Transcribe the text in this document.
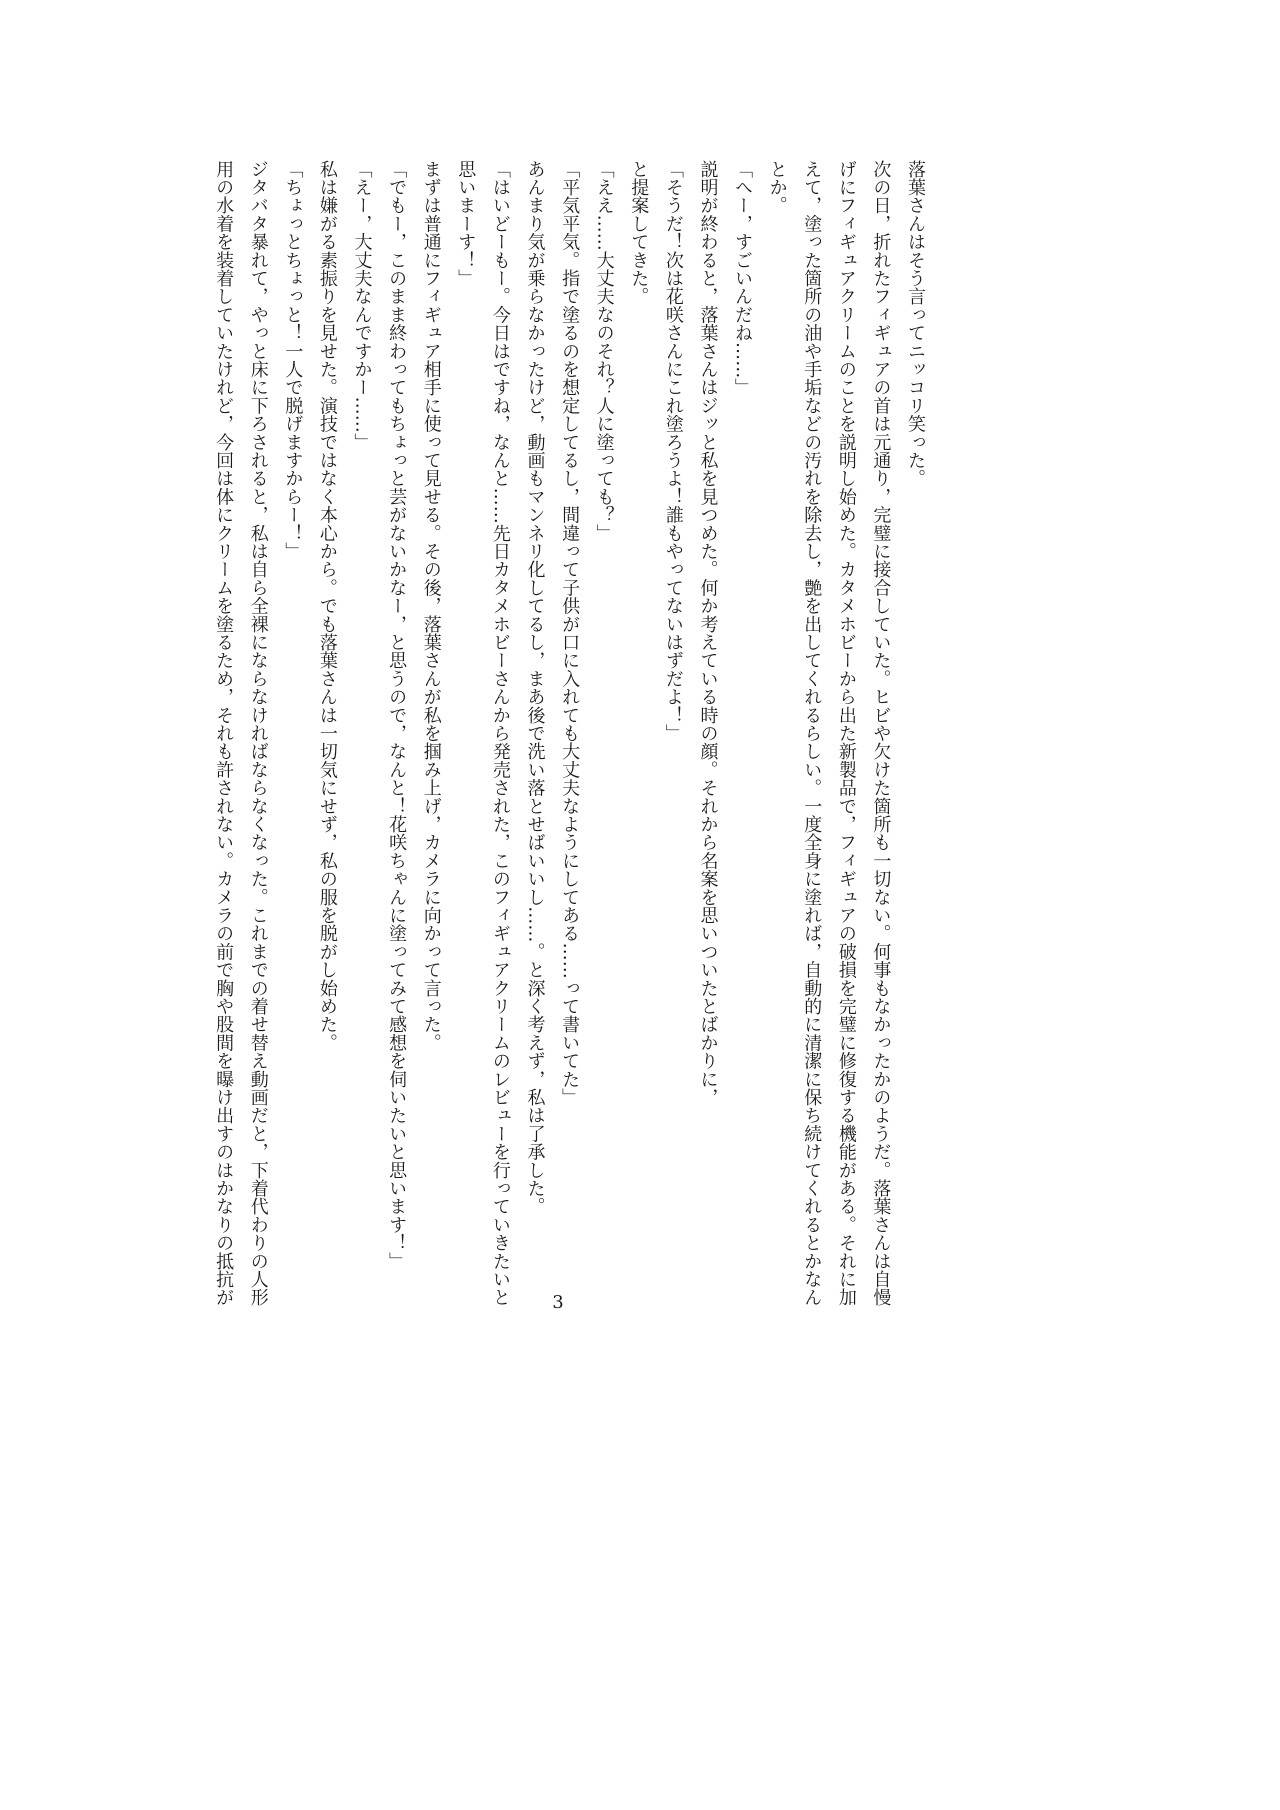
落葉さんはそう言ってニッコリ笑った。
次の日，折れたフィギュアの首は元通り，完璧に接合していた。ヒビや欠けた箇所も一切ない。何事もなかったかのようだ。落葉さんは自慢
げにフィギュアクリームのことを説明し始めた。カタメホビーから出た新製品で，フィギュアの破損を完璧に修復する機能がある。それに加
えて，塗った箇所の油や手垢などの汚れを除去し，艶を出してくれるらしい。一度全身に塗れば，自動的に清潔に保ち続けてくれるとかなん
とか。
「へー，すごいんだね……」
説明が終わると，落葉さんはジッと私を見つめた。何か考えている時の顔。それから名案を思いついたとばかりに，
「そうだ！次は花咲さんにこれ塗ろうよ！誰もやってないはずだよ！」
と提案してきた。
「ええ……大丈夫なのそれ？人に塗っても？」
「平気平気。指で塗るのを想定してるし，間違って子供が口に入れても大丈夫なようにしてある……って書いてた」
あんまり気が乗らなかったけど，動画もマンネリ化してるし，まあ後で洗い落とせばいいし……。と深く考えず，私は了承した。
「はいどーもー。今日はですね，なんと……先日カタメホビーさんから発売された，このフィギュアクリームのレビューを行っていきたいと
思いまーす！」
まずは普通にフィギュア相手に使って見せる。その後，落葉さんが私を掴み上げ，カメラに向かって言った。
「でもー，このまま終わってもちょっと芸がないかなー，と思うので，なんと！花咲ちゃんに塗ってみて感想を伺いたいと思います！」
「えー，大丈夫なんですかー……」
私は嫌がる素振りを見せた。演技ではなく本心から。でも落葉さんは一切気にせず，私の服を脱がし始めた。
「ちょっとちょっと！一人で脱げますからー！」
ジタバタ暴れて，やっと床に下ろされると，私は自ら全裸にならなければならなくなった。これまでの着せ替え動画だと，下着代わりの人形
用の水着を装着していたけれど，今回は体にクリームを塗るため，それも許されない。カメラの前で胸や股間を曝け出すのはかなりの抵抗が	3
